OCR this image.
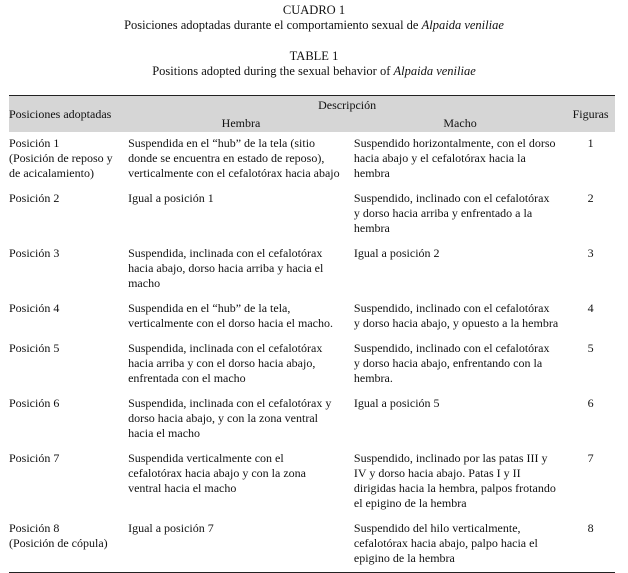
CUADRO 1
Posiciones adoptadas durante el comportamiento sexual de Alpaida veniliae
TABLE 1
Positions adopted during the sexual behavior of Alpaida veniliae
Posiciones adoptadas	Descripción		Figuras
	Hembra	Macho	

Posición 1
(Posición de reposo y de acicalamiento)	Suspendida en el “hub” de la tela (sitio donde se encuentra en estado de reposo), verticalmente con el cefalotórax hacia abajo	Suspendido horizontalmente, con el dorso hacia abajo y el cefalotórax hacia la hembra	1

Posición 2	Igual a posición 1	Suspendido, inclinado con el cefalotórax y dorso hacia arriba y enfrentado a la hembra	2

Posición 3	Suspendida, inclinada con el cefalotórax hacia abajo, dorso hacia arriba y hacia el macho	Igual a posición 2	3

Posición 4	Suspendida en el “hub” de la tela, verticalmente con el dorso hacia el macho.	Suspendido, inclinado con el cefalotórax y dorso hacia abajo, y opuesto a la hembra	4

Posición 5	Suspendida, inclinada con el cefalotórax hacia arriba y con el dorso hacia abajo, enfrentada con el macho	Suspendido, inclinado con el cefalotórax y dorso hacia abajo, enfrentando con la hembra.	5

Posición 6	Suspendida, inclinada con el cefalotórax y dorso hacia abajo, y con la zona ventral hacia el macho	Igual a posición 5	6

Posición 7	Suspendida verticalmente con el cefalotórax hacia abajo y con la zona ventral hacia el macho	Suspendido, inclinado por las patas III y IV y dorso hacia abajo. Patas I y II dirigidas hacia la hembra, palpos frotando el epigino de la hembra	7

Posición 8
(Posición de cópula)	Igual a posición 7	Suspendido del hilo verticalmente, cefalotórax hacia abajo, palpo hacia el epigino de la hembra	8
